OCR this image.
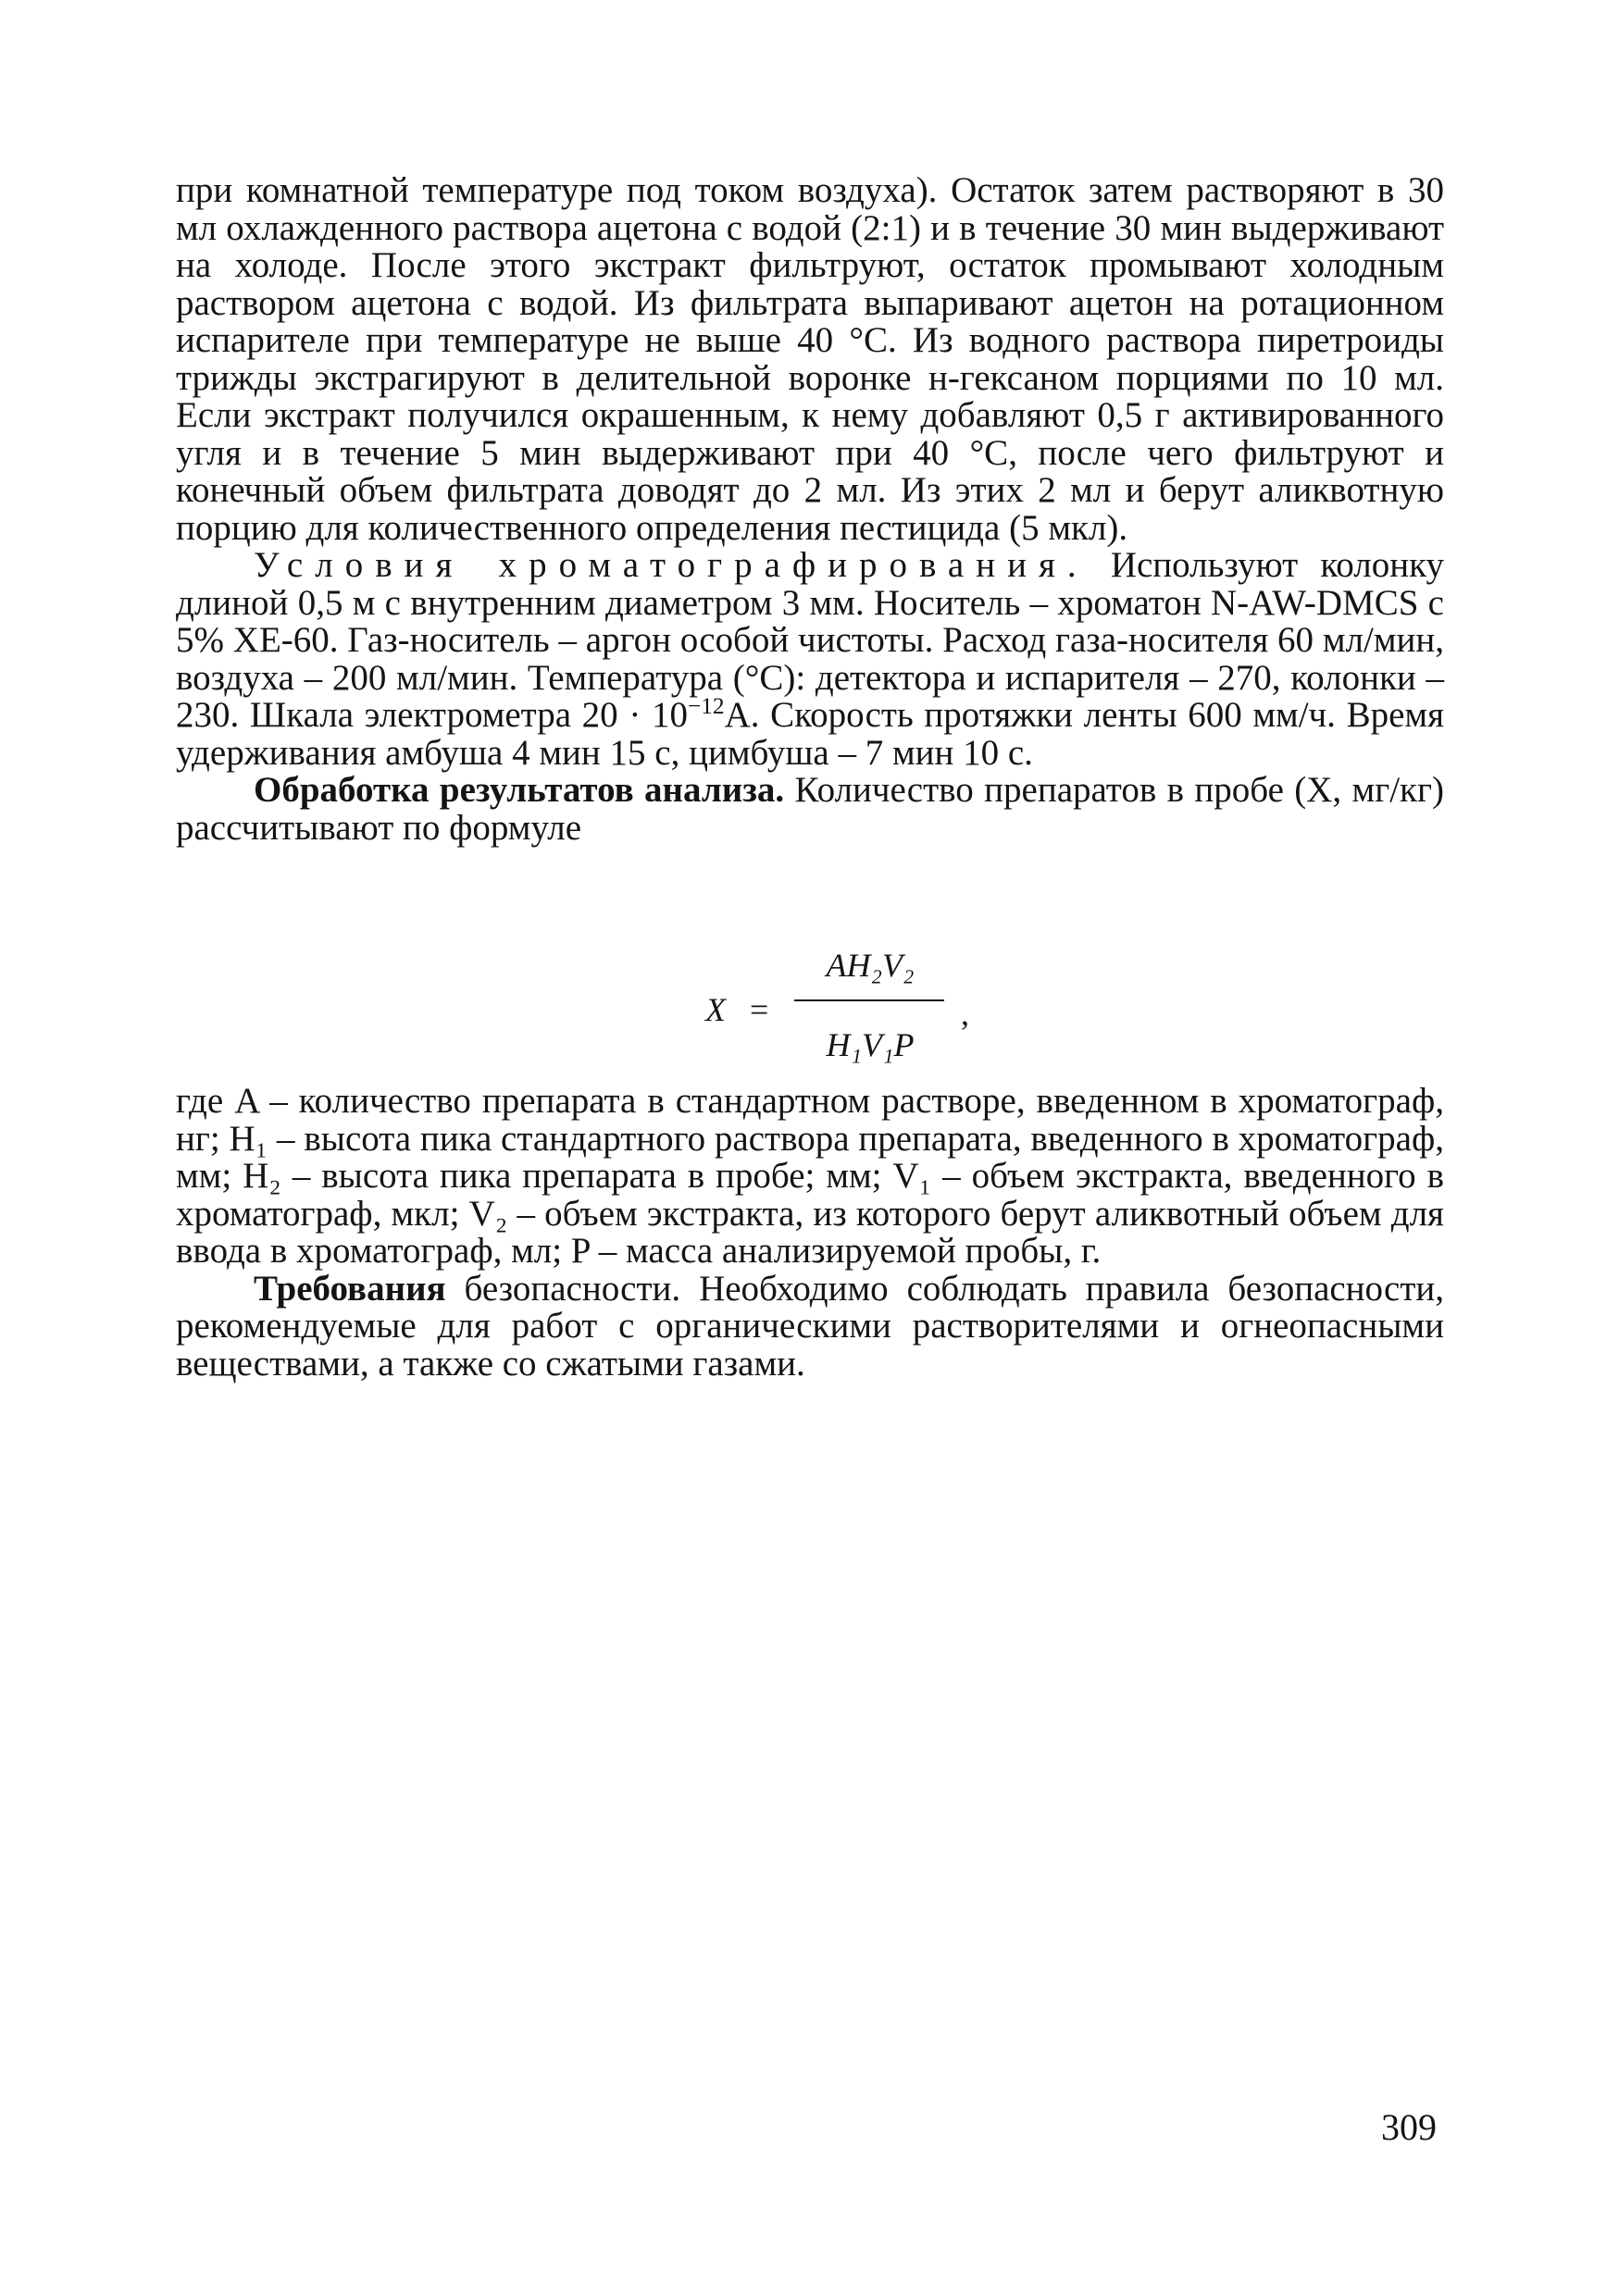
при комнатной температуре под током воздуха). Остаток затем растворяют в 30 мл охлажденного раствора ацетона с водой (2:1) и в течение 30 мин выдерживают на холоде. После этого экстракт фильтруют, остаток промывают холодным раствором ацетона с водой. Из фильтрата выпаривают ацетон на ротационном испарителе при температуре не выше 40 °С. Из водного раствора пиретроиды трижды экстрагируют в делительной воронке н-гексаном порциями по 10 мл. Если экстракт получился окрашенным, к нему добавляют 0,5 г активированного угля и в течение 5 мин выдерживают при 40 °С, после чего фильтруют и конечный объем фильтрата доводят до 2 мл. Из этих 2 мл и берут аликвотную порцию для количественного определения пестицида (5 мкл).

Условия хроматографирования. Используют колонку длиной 0,5 м с внутренним диаметром 3 мм. Носитель – хроматон N-AW-DMCS с 5% XE-60. Газ-носитель – аргон особой чистоты. Расход газа-носителя 60 мл/мин, воздуха – 200 мл/мин. Температура (°С): детектора и испарителя – 270, колонки – 230. Шкала электрометра $20 \cdot 10^{-12}А$. Скорость протяжки ленты 600 мм/ч. Время удерживания амбуша 4 мин 15 с, цимбуша – 7 мин 10 с.

Обработка результатов анализа. Количество препаратов в пробе (X, мг/кг) рассчитывают по формуле

X =
AH₂V₂
H₁V₁P
,

где A – количество препарата в стандартном растворе, введенном в хроматограф, нг; H₁ – высота пика стандартного раствора препарата, введенного в хроматограф, мм; H₂ – высота пика препарата в пробе; мм; V₁ – объем экстракта, введенного в хроматограф, мкл; V₂ – объем экстракта, из которого берут аликвотный объем для ввода в хроматограф, мл; P – масса анализируемой пробы, г.

Требования безопасности. Необходимо соблюдать правила безопасности, рекомендуемые для работ с органическими растворителями и огнеопасными веществами, а также со сжатыми газами.

309
